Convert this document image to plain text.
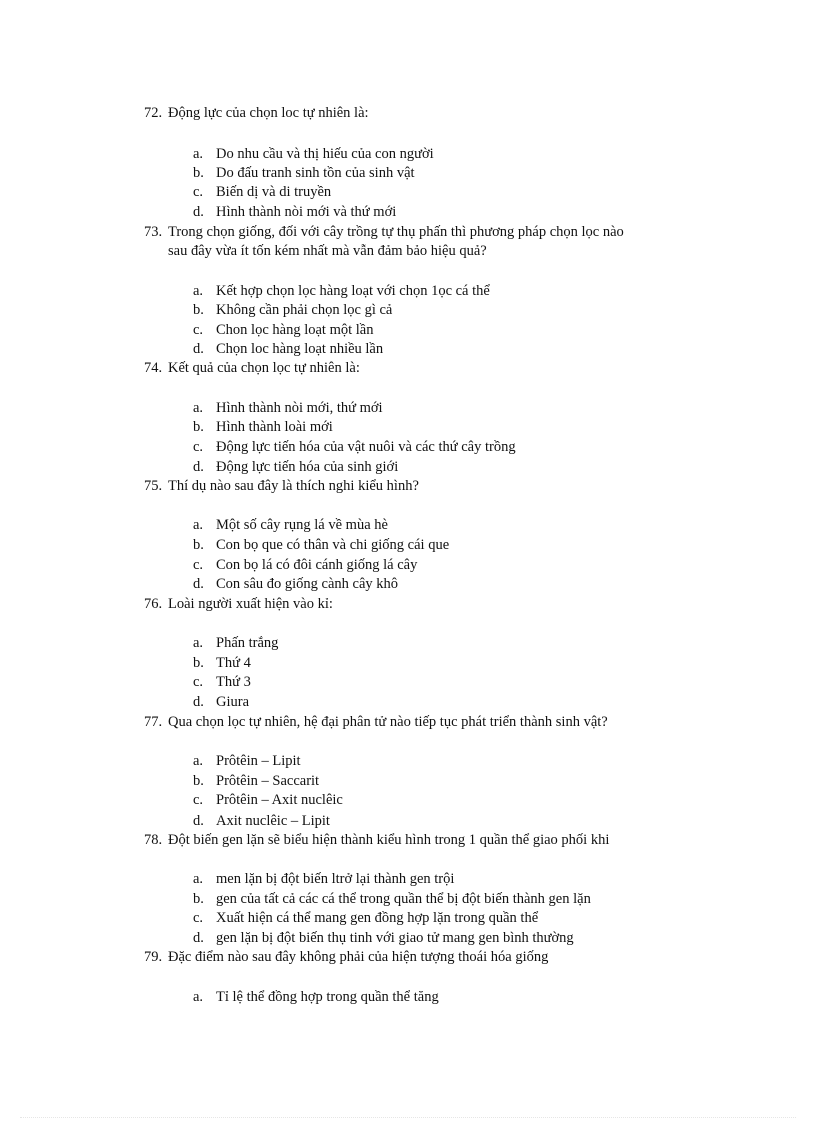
72. Động lực của chọn loc tự nhiên là:
a. Do nhu cầu và thị hiếu của con người
b. Do đấu tranh sinh tồn của sinh vật
c. Biến dị và di truyền
d. Hình thành nòi mới và thứ mới
73. Trong chọn giống, đối với cây trồng tự thụ phấn thì phương pháp chọn lọc nào
sau đây vừa ít tốn kém nhất mà vẫn đảm bảo hiệu quả?
a. Kết hợp chọn lọc hàng loạt với chọn 1ọc cá thể
b. Không cần phải chọn lọc gì cả
c. Chon lọc hàng loạt một lần
d. Chọn loc hàng loạt nhiều lần
74. Kết quả của chọn lọc tự nhiên là:
a. Hình thành nòi mới, thứ mới
b. Hình thành loài mới
c. Động lực tiến hóa của vật nuôi và các thứ cây trồng
d. Động lực tiến hóa của sinh giới
75. Thí dụ nào sau đây là thích nghi kiểu hình?
a. Một số cây rụng lá về mùa hè
b. Con bọ que có thân và chi giống cái que
c. Con bọ lá có đôi cánh giống lá cây
d. Con sâu đo giống cành cây khô
76. Loài người xuất hiện vào kỉ:
a. Phấn trắng
b. Thứ 4
c. Thứ 3
d. Giura
77. Qua chọn lọc tự nhiên, hệ đại phân tử nào tiếp tục phát triển thành sinh vật?
a. Prôtêin – Lipit
b. Prôtêin – Saccarit
c. Prôtêin – Axit nuclêic
d. Axit nuclêic – Lipit
78. Đột biến gen lặn sẽ biểu hiện thành kiểu hình trong 1 quần thể giao phối khi
a. men lặn bị đột biến ltrở lại thành gen trội
b. gen của tất cả các cá thể trong quần thể bị đột biến thành gen lặn
c. Xuất hiện cá thể mang gen đồng hợp lặn trong quần thể
d. gen lặn bị đột biến thụ tinh với giao tử mang gen bình thường
79. Đặc điểm nào sau đây không phải của hiện tượng thoái hóa giống
a. Tỉ lệ thể đồng hợp trong quần thể tăng
